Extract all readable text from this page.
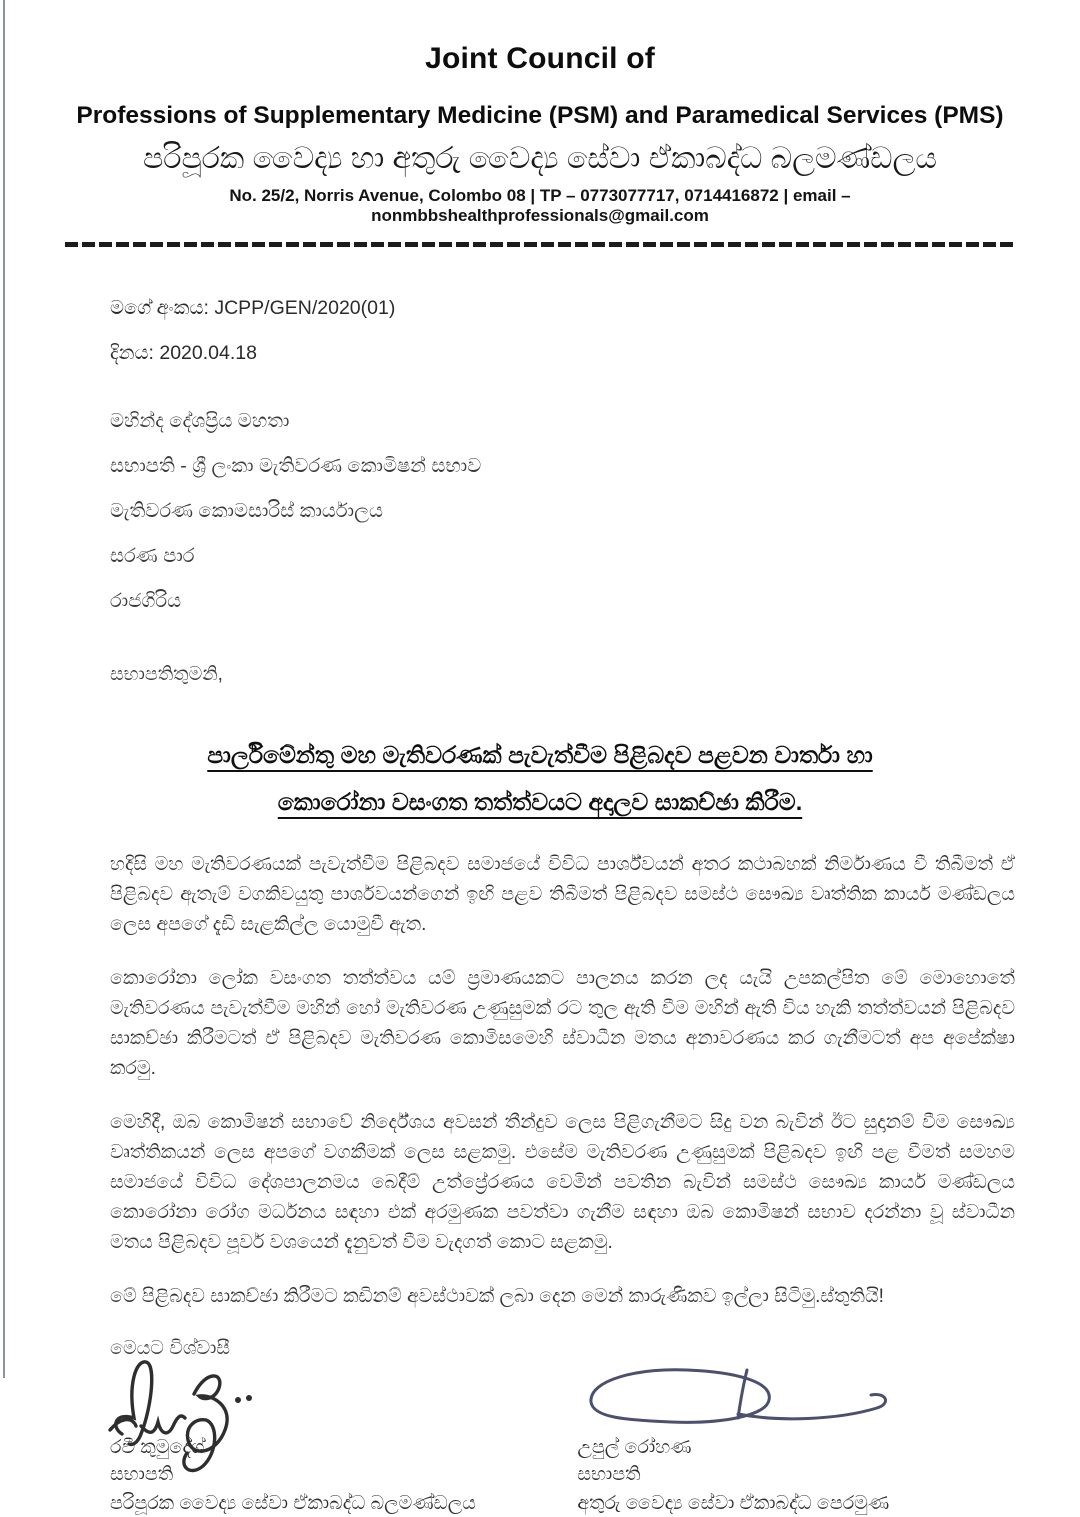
Joint Council of
Professions of Supplementary Medicine (PSM) and Paramedical Services (PMS)
පරිපූරක වෛද්‍ය හා අතුරු වෛද්‍ය සේවා ඒකාබද්ධ බලමණ්ඩලය
No. 25/2, Norris Avenue, Colombo 08 | TP – 0773077717, 0714416872 | email – nonmbbshealthprofessionals@gmail.com
මගේ අංකය: JCPP/GEN/2020(01)
දිනය: 2020.04.18
මහින්ද දේශප්‍රිය මහතා
සභාපති - ශ්‍රී ලංකා මැතිවරණ කොමිෂන් සභාව
මැතිවරණ කොමසාරිස් කාර්යාලය
සරණ පාර
රාජගිරිය
සභාපතිතුමනි,
පාර්ලිමේන්තු මහ මැතිවරණක් පැවැත්වීම පිළිබදව පළවන වාර්තා හා
කොරෝනා වසංගත තත්ත්වයට අදාලව සාකච්ඡා කිරීම.

හදිසි මහ මැතිවරණයක් පැවැත්වීම පිළිබදව සමාජයේ විවිධ පාර්ශ්වයන් අතර කථාබහක් නිර්මාණය වී තිබීමත් ඒ පිළිබදව ඇතැම් වගකිවයුතු පාර්ශවයන්ගෙන් ඉඟි පළව තිබීමත් පිළිබදව සමස්ථ සෞඛ්‍ය වෘත්තික කාර්ය මණ්ඩලය ලෙස අපගේ දැඩි සැළකිල්ල යොමුවී ඇත.

කොරෝනා ලෝක වසංගත තත්ත්වය යම් ප්‍රමාණයකට පාලනය කරන ලද යැයි උපකල්පිත මේ මොහොතේ මැතිවරණය පැවැත්වීම මහින් හෝ මැතිවරණ උණුසුමක් රට තුල ඇති වීම මහින් ඇති විය හැකි තත්ත්වයන් පිළිබදව සාකච්ඡා කිරීමටත් ඒ පිළිබදව මැතිවරණ කොමිසමෙහි ස්වාධීන මතය අනාවරණය කර ගැනීමටත් අප අපේක්ෂා කරමු.

මෙහිදී, ඔබ කොමිෂන් සභාවේ නිර්දේශය අවසන් තීන්දුව ලෙස පිළිගැනීමට සිදු වන බැවින් ඊට සුදානම් වීම සෞඛ්‍ය වෘත්තිකයන් ලෙස අපගේ වගකීමක් ලෙස සළකමු. එසේම මැතිවරණ උණුසුමක් පිළිබදව ඉඟි පළ වීමත් සමහම සමාජයේ විවිධ දේශපාලනමය බෙදීම් උත්ප්‍රේරණය වෙමින් පවතින බැවින් සමස්ථ සෞඛ්‍ය කාර්ය මණ්ඩලය කොරෝනා රෝග මර්ධනය සඳහා එක් අරමුණක පවත්වා ගැනීම සඳහා ඔබ කොමිෂන් සභාව දරන්නා වූ ස්වාධීන මතය පිළිබදව පූර්ව වශයෙන් දැනුවත් වීම වැදගත් කොට සළකමු.

මේ පිළිබදව සාකච්ඡා කිරීමට කඩිනම් අවස්ථාවක් ලබා දෙන මෙන් කාරුණිකව ඉල්ලා සිටිමු.ස්තුතියි!

මෙයට විශ්වාසී
රවී කුමුදේශ්
සභාපති
පරිපූරක වෛද්‍ය සේවා ඒකාබද්ධ බලමණ්ඩලය
උපුල් රෝහණ
සභාපති
අතුරු වෛද්‍ය සේවා ඒකාබද්ධ පෙරමුණ
